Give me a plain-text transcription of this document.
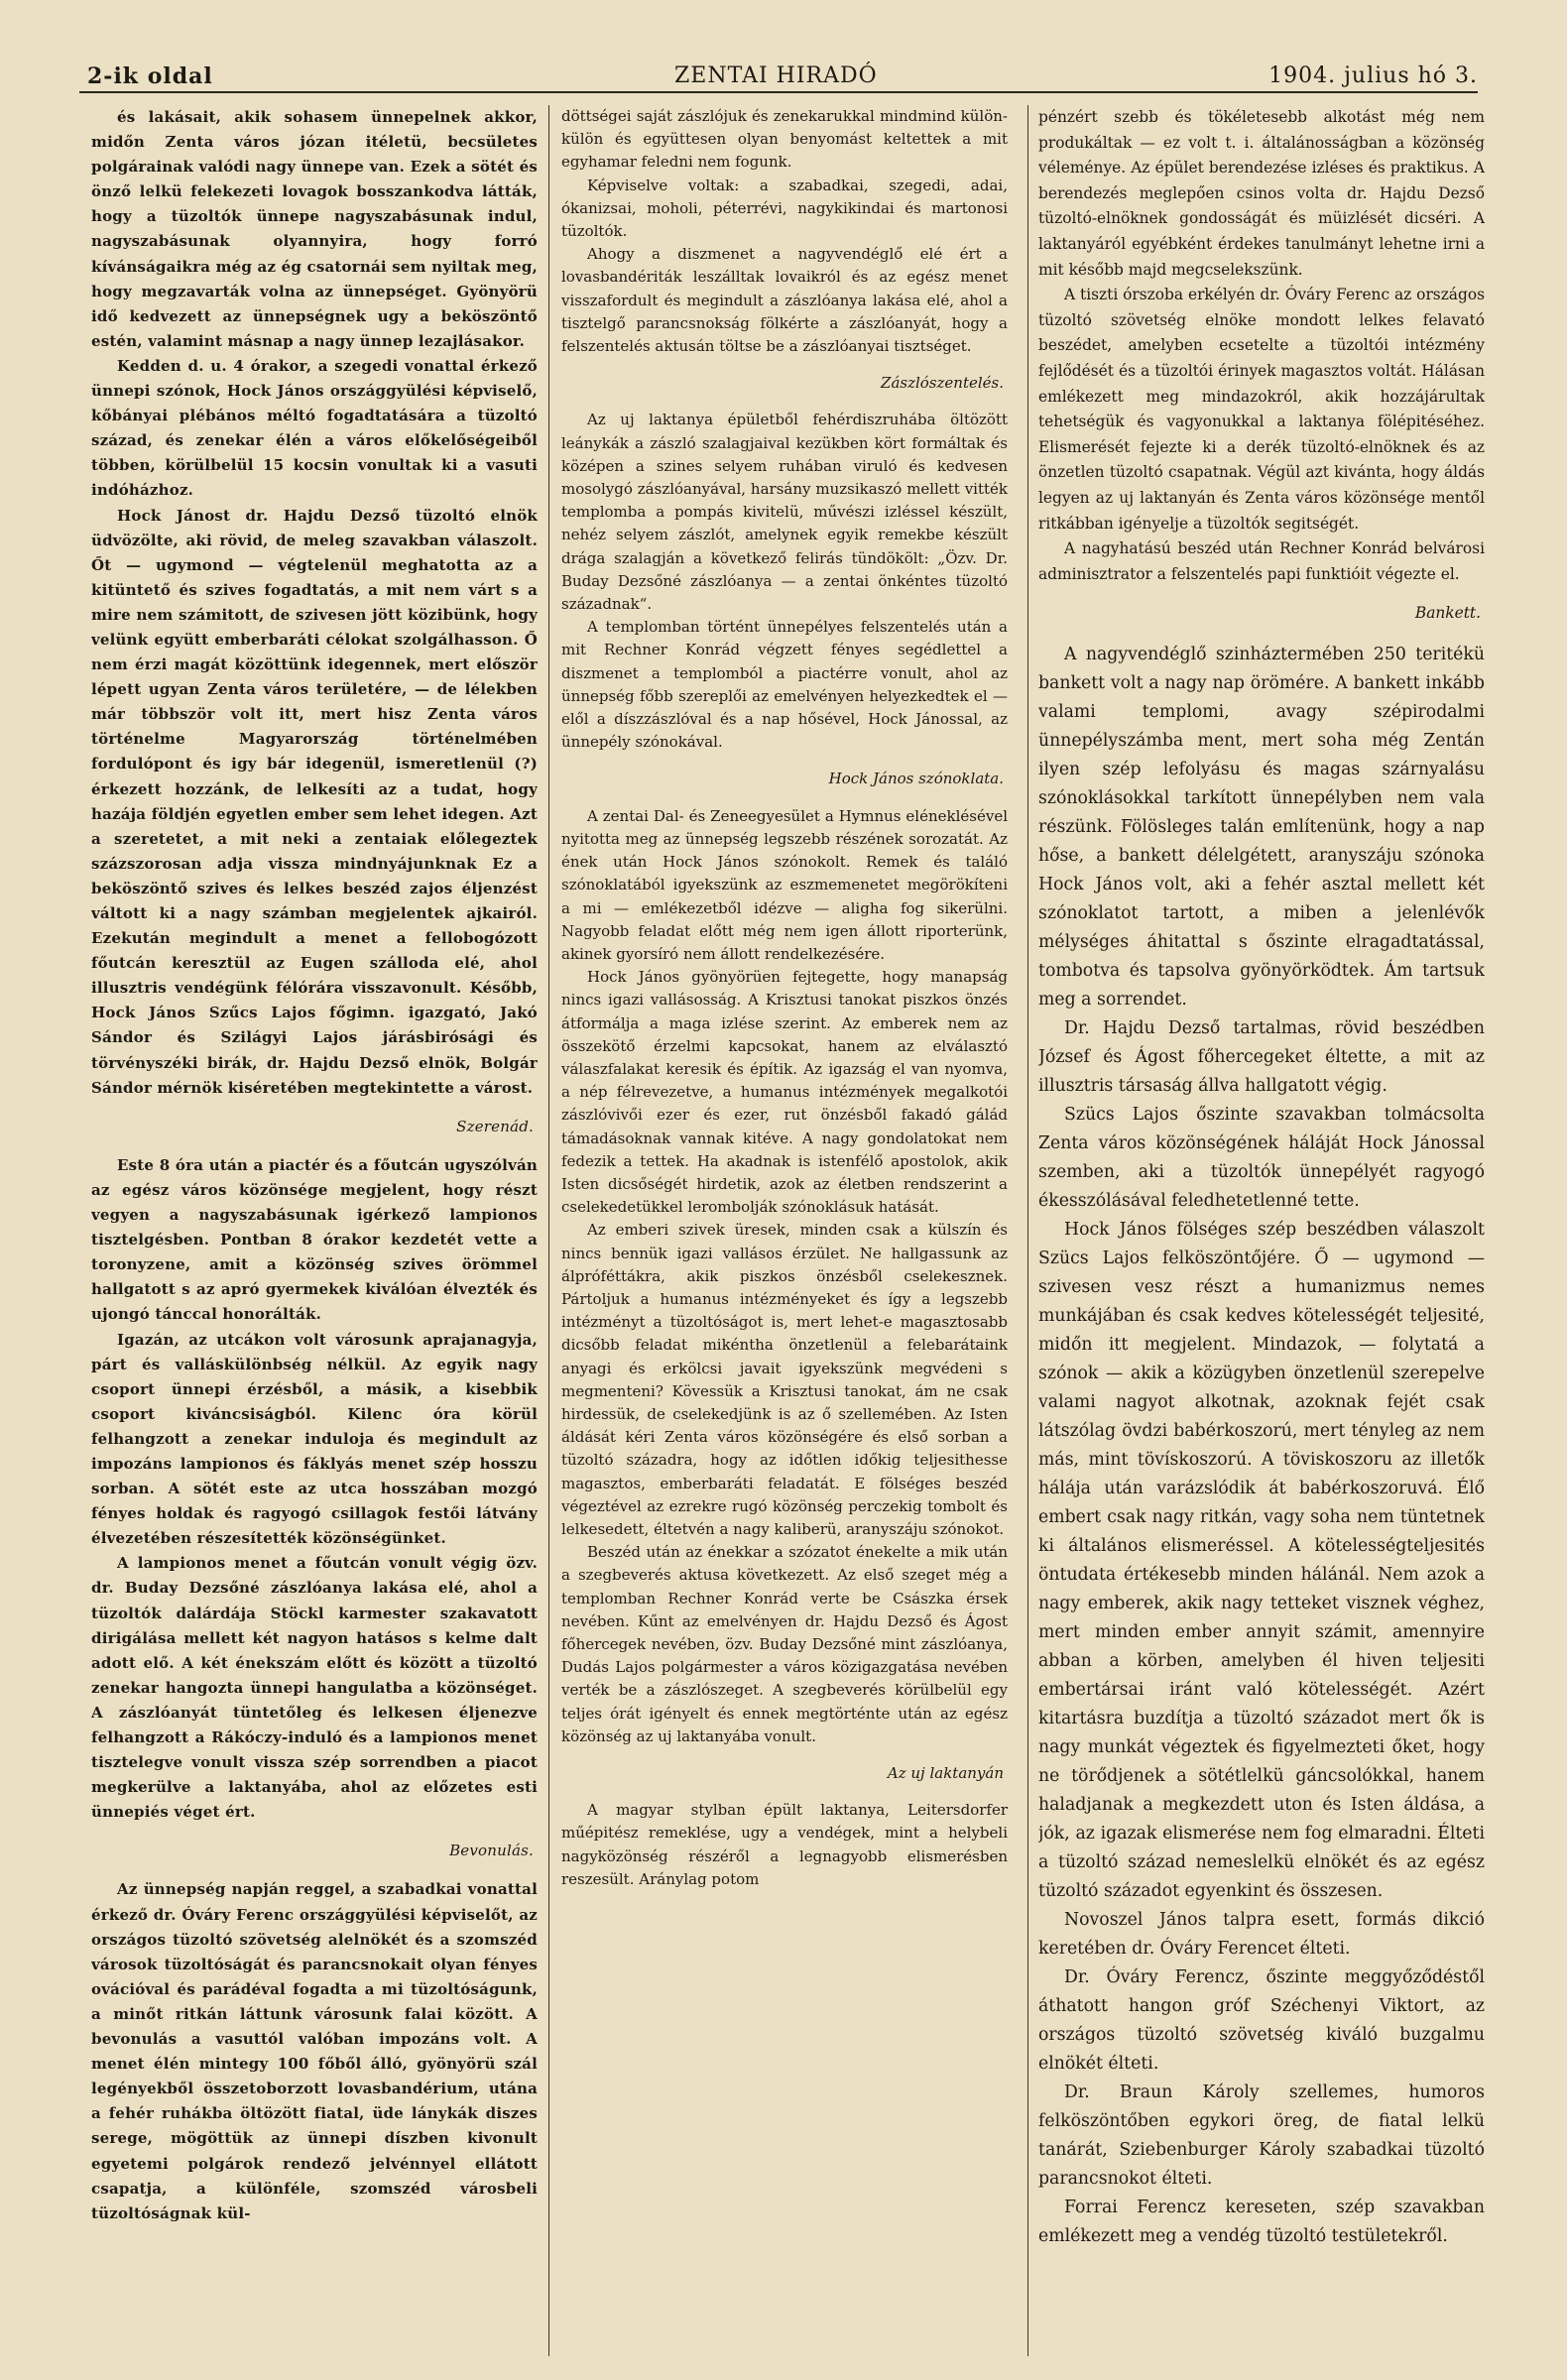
2-ik oldal	ZENTAI HIRADÓ	1904. julius hó 3.

és lakásait, akik sohasem ünnepelnek akkor, midőn Zenta város józan itéletü, becsületes polgárainak valódi nagy ünnepe van. Ezek a sötét és önző lelkü felekezeti lovagok bosszankodva látták, hogy a tüzoltók ünnepe nagyszabásunak indul, nagyszabásunak olyannyira, hogy forró kívánságaikra még az ég csatornái sem nyiltak meg, hogy megzavarták volna az ünnepséget. Gyönyörü idő kedvezett az ünnepségnek ugy a beköszöntő estén, valamint másnap a nagy ünnep lezajlásakor.

Kedden d. u. 4 órakor, a szegedi vonattal érkező ünnepi szónok, Hock János országgyülési képviselő, kőbányai plébános méltó fogadtatására a tüzoltó század, és zenekar élén a város előkelőségeiből többen, körülbelül 15 kocsin vonultak ki a vasuti indóházhoz.

Hock Jánost dr. Hajdu Dezső tüzoltó elnök üdvözölte, aki rövid, de meleg szavakban válaszolt. Őt — ugymond — végtelenül meghatotta az a kitüntető és szives fogadtatás, a mit nem várt s a mire nem számitott, de szivesen jött közibünk, hogy velünk együtt emberbaráti célokat szolgálhasson. Ő nem érzi magát közöttünk idegennek, mert először lépett ugyan Zenta város területére, — de lélekben már többször volt itt, mert hisz Zenta város történelme Magyarország történelmében fordulópont és igy bár idegenül, ismeretlenül (?) érkezett hozzánk, de lelkesíti az a tudat, hogy hazája földjén egyetlen ember sem lehet idegen. Azt a szeretetet, a mit neki a zentaiak előlegeztek százszorosan adja vissza mindnyájunknak Ez a beköszöntő szives és lelkes beszéd zajos éljenzést váltott ki a nagy számban megjelentek ajkairól. Ezekután megindult a menet a fellobogózott főutcán keresztül az Eugen szálloda elé, ahol illusztris vendégünk félórára visszavonult. Később, Hock János Szűcs Lajos főgimn. igazgató, Jakó Sándor és Szilágyi Lajos járásbirósági és törvényszéki birák, dr. Hajdu Dezső elnök, Bolgár Sándor mérnök kiséretében megtekintette a várost.

Szerenád.

Este 8 óra után a piactér és a főutcán ugyszólván az egész város közönsége megjelent, hogy részt vegyen a nagyszabásunak igérkező lampionos tisztelgésben. Pontban 8 órakor kezdetét vette a toronyzene, amit a közönség szives örömmel hallgatott s az apró gyermekek kiválóan élvezték és ujongó tánccal honorálták.

Igazán, az utcákon volt városunk aprajanagyja, párt és valláskülönbség nélkül. Az egyik nagy csoport ünnepi érzésből, a másik, a kisebbik csoport kiváncsiságból. Kilenc óra körül felhangzott a zenekar induloja és megindult az impozáns lampionos és fáklyás menet szép hosszu sorban. A sötét este az utca hosszában mozgó fényes holdak és ragyogó csillagok festői látvány élvezetében részesítették közönségünket.

A lampionos menet a főutcán vonult végig özv. dr. Buday Dezsőné zászlóanya lakása elé, ahol a tüzoltók dalárdája Stöckl karmester szakavatott dirigálása mellett két nagyon hatásos s kelme dalt adott elő. A két énekszám előtt és között a tüzoltó zenekar hangozta ünnepi hangulatba a közönséget. A zászlóanyát tüntetőleg és lelkesen éljenezve felhangzott a Rákóczy-induló és a lampionos menet tisztelegve vonult vissza szép sorrendben a piacot megkerülve a laktanyába, ahol az előzetes esti ünnepiés véget ért.

Bevonulás.

Az ünnepség napján reggel, a szabadkai vonattal érkező dr. Óváry Ferenc országgyülési képviselőt, az országos tüzoltó szövetség alelnökét és a szomszéd városok tüzoltóságát és parancsnokait olyan fényes ovációval és parádéval fogadta a mi tüzoltóságunk, a minőt ritkán láttunk városunk falai között. A bevonulás a vasuttól valóban impozáns volt. A menet élén mintegy 100 főből álló, gyönyörü szál legényekből összetoborzott lovasbandérium, utána a fehér ruhákba öltözött fiatal, üde lánykák diszes serege, mögöttük az ünnepi díszben kivonult egyetemi polgárok rendező jelvénnyel ellátott csapatja, a különféle, szomszéd városbeli tüzoltóságnak kül-

döttségei saját zászlójuk és zenekarukkal mindmind külön-külön és együttesen olyan benyomást keltettek a mit egyhamar feledni nem fogunk.

Képviselve voltak: a szabadkai, szegedi, adai, ókanizsai, moholi, péterrévi, nagykikindai és martonosi tüzoltók.

Ahogy a diszmenet a nagyvendéglő elé ért a lovasbandériták leszálltak lovaikról és az egész menet visszafordult és megindult a zászlóanya lakása elé, ahol a tisztelgő parancsnokság fölkérte a zászlóanyát, hogy a felszentelés aktusán töltse be a zászlóanyai tisztséget.

Zászlószentelés.

Az uj laktanya épületből fehérdiszruhába öltözött leánykák a zászló szalagjaival kezükben kört formáltak és középen a szines selyem ruhában viruló és kedvesen mosolygó zászlóanyával, harsány muzsikaszó mellett vitték templomba a pompás kivitelü, művészi izléssel készült, nehéz selyem zászlót, amelynek egyik remekbe készült drága szalagján a következő felirás tündökölt: „Özv. Dr. Buday Dezsőné zászlóanya — a zentai önkéntes tüzoltó századnak“.

A templomban történt ünnepélyes felszentelés után a mit Rechner Konrád végzett fényes segédlettel a diszmenet a templomból a piactérre vonult, ahol az ünnepség főbb szereplői az emelvényen helyezkedtek el — elől a díszzászlóval és a nap hősével, Hock Jánossal, az ünnepély szónokával.

Hock János szónoklata.

A zentai Dal- és Zeneegyesület a Hymnus eléneklésével nyitotta meg az ünnepség legszebb részének sorozatát. Az ének után Hock János szónokolt. Remek és találó szónoklatából igyekszünk az eszmemenetet megörökíteni a mi — emlékezetből idézve — aligha fog sikerülni. Nagyobb feladat előtt még nem igen állott riporterünk, akinek gyorsíró nem állott rendelkezésére.

Hock János gyönyörüen fejtegette, hogy manapság nincs igazi vallásosság. A Krisztusi tanokat piszkos önzés átformálja a maga izlése szerint. Az emberek nem az összekötő érzelmi kapcsokat, hanem az elválasztó válaszfalakat keresik és építik. Az igazság el van nyomva, a nép félrevezetve, a humanus intézmények megalkotói zászlóvivői ezer és ezer, rut önzésből fakadó gálád támadásoknak vannak kitéve. A nagy gondolatokat nem fedezik a tettek. Ha akadnak is istenfélő apostolok, akik Isten dicsőségét hirdetik, azok az életben rendszerint a cselekedetükkel lerombolják szónoklásuk hatását.

Az emberi szivek üresek, minden csak a külszín és nincs bennük igazi vallásos érzület. Ne hallgassunk az álpróféttákra, akik piszkos önzésből cselekesznek. Pártoljuk a humanus intézményeket és így a legszebb intézményt a tüzoltóságot is, mert lehet-e magasztosabb dicsőbb feladat mikéntha önzetlenül a felebarátaink anyagi és erkölcsi javait igyekszünk megvédeni s megmenteni? Kövessük a Krisztusi tanokat, ám ne csak hirdessük, de cselekedjünk is az ő szellemében. Az Isten áldását kéri Zenta város közönségére és első sorban a tüzoltó századra, hogy az időtlen időkig teljesithesse magasztos, emberbaráti feladatát. E fölséges beszéd végeztével az ezrekre rugó közönség perczekig tombolt és lelkesedett, éltetvén a nagy kaliberü, aranyszáju szónokot.

Beszéd után az énekkar a szózatot énekelte a mik után a szegbeverés aktusa következett. Az első szeget még a templomban Rechner Konrád verte be Császka érsek nevében. Kűnt az emelvényen dr. Hajdu Dezső és Ágost főhercegek nevében, özv. Buday Dezsőné mint zászlóanya, Dudás Lajos polgármester a város közigazgatása nevében verték be a zászlószeget. A szegbeverés körülbelül egy teljes órát igényelt és ennek megtörténte után az egész közönség az uj laktanyába vonult.

Az uj laktanyán

A magyar stylban épült laktanya, Leitersdorfer műépitész remeklése, ugy a vendégek, mint a helybeli nagyközönség részéről a legnagyobb elismerésben reszesült. Aránylag potom

pénzért szebb és tökéletesebb alkotást még nem produkáltak — ez volt t. i. általánosságban a közönség véleménye. Az épület berendezése izléses és praktikus. A berendezés meglepően csinos volta dr. Hajdu Dezső tüzoltó-elnöknek gondosságát és müizlését dicséri. A laktanyáról egyébként érdekes tanulmányt lehetne irni a mit később majd megcselekszünk.

A tiszti órszoba erkélyén dr. Óváry Ferenc az országos tüzoltó szövetség elnöke mondott lelkes felavató beszédet, amelyben ecsetelte a tüzoltói intézmény fejlődését és a tüzoltói érinyek magasztos voltát. Hálásan emlékezett meg mindazokról, akik hozzájárultak tehetségük és vagyonukkal a laktanya fölépitéséhez. Elismerését fejezte ki a derék tüzoltó-elnöknek és az önzetlen tüzoltó csapatnak. Végül azt kivánta, hogy áldás legyen az uj laktanyán és Zenta város közönsége mentől ritkábban igényelje a tüzoltók segitségét.

A nagyhatású beszéd után Rechner Konrád belvárosi adminisztrator a felszentelés papi funktióit végezte el.

Bankett.

A nagyvendéglő szinháztermében 250 teritékü bankett volt a nagy nap örömére. A bankett inkább valami templomi, avagy szépirodalmi ünnepélyszámba ment, mert soha még Zentán ilyen szép lefolyásu és magas szárnyalásu szónoklásokkal tarkított ünnepélyben nem vala részünk. Fölösleges talán említenünk, hogy a nap hőse, a bankett délelgétett, aranyszáju szónoka Hock János volt, aki a fehér asztal mellett két szónoklatot tartott, a miben a jelenlévők mélységes áhitattal s őszinte elragadtatással, tombotva és tapsolva gyönyörködtek. Ám tartsuk meg a sorrendet.

Dr. Hajdu Dezső tartalmas, rövid beszédben József és Ágost főhercegeket éltette, a mit az illusztris társaság állva hallgatott végig.

Szücs Lajos őszinte szavakban tolmácsolta Zenta város közönségének háláját Hock Jánossal szemben, aki a tüzoltók ünnepélyét ragyogó ékesszólásával feledhetetlenné tette.

Hock János fölséges szép beszédben válaszolt Szücs Lajos felköszöntőjére. Ő — ugymond — szivesen vesz részt a humanizmus nemes munkájában és csak kedves kötelességét teljesité, midőn itt megjelent. Mindazok, — folytatá a szónok — akik a közügyben önzetlenül szerepelve valami nagyot alkotnak, azoknak fejét csak látszólag övdzi babérkoszorú, mert tényleg az nem más, mint tövískoszorú. A töviskoszoru az illetők hálája után varázslódik át babérkoszoruvá. Élő embert csak nagy ritkán, vagy soha nem tüntetnek ki általános elismeréssel. A kötelességteljesités öntudata értékesebb minden hálánál. Nem azok a nagy emberek, akik nagy tetteket visznek véghez, mert minden ember annyit számit, amennyire abban a körben, amelyben él hiven teljesiti embertársai iránt való kötelességét. Azért kitartásra buzdítja a tüzoltó századot mert ők is nagy munkát végeztek és figyelmezteti őket, hogy ne törődjenek a sötétlelkü gáncsolókkal, hanem haladjanak a megkezdett uton és Isten áldása, a jók, az igazak elismerése nem fog elmaradni. Élteti a tüzoltó század nemeslelkü elnökét és az egész tüzoltó századot egyenkint és összesen.

Novoszel János talpra esett, formás dikció keretében dr. Óváry Ferencet élteti.

Dr. Óváry Ferencz, őszinte meggyőződéstől áthatott hangon gróf Széchenyi Viktort, az országos tüzoltó szövetség kiváló buzgalmu elnökét élteti.

Dr. Braun Károly szellemes, humoros felköszöntőben egykori öreg, de fiatal lelkü tanárát, Sziebenburger Károly szabadkai tüzoltó parancsnokot élteti.

Forrai Ferencz kereseten, szép szavakban emlékezett meg a vendég tüzoltó testületekről.
